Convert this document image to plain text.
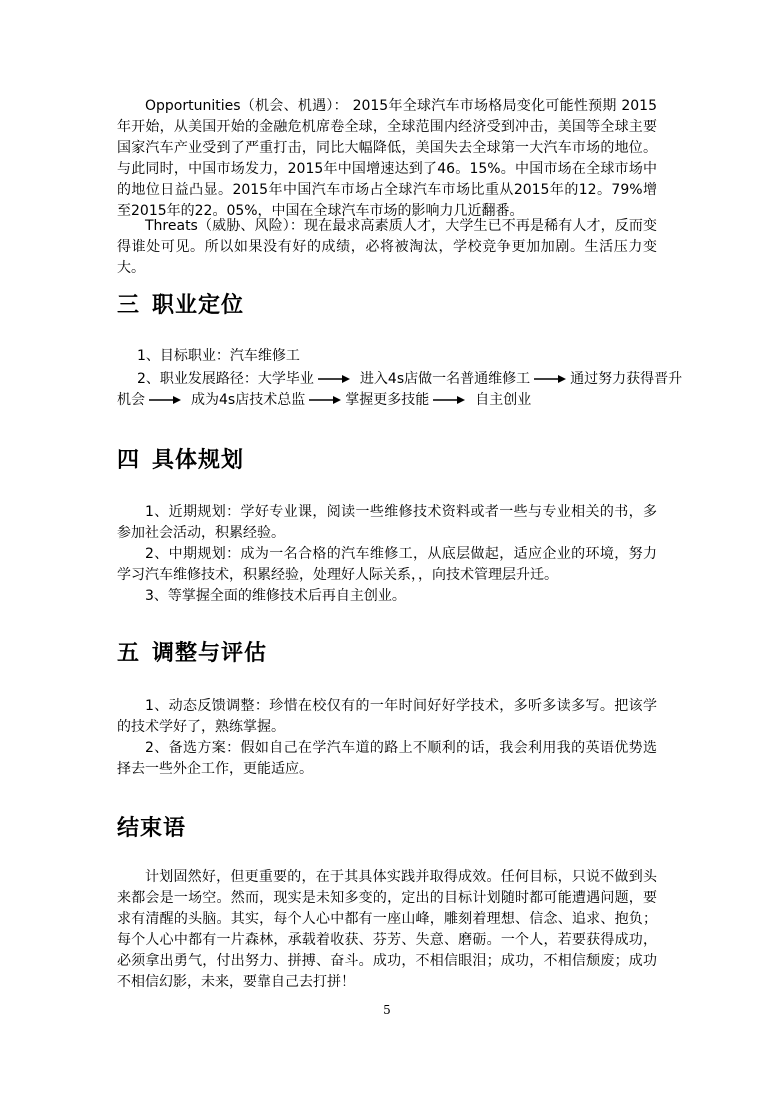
Opportunities（机会、机遇）： 2015年全球汽车市场格局变化可能性预期 2015年开始，从美国开始的金融危机席卷全球，全球范围内经济受到冲击，美国等全球主要国家汽车产业受到了严重打击，同比大幅降低，美国失去全球第一大汽车市场的地位。与此同时，中国市场发力，2015年中国增速达到了46。15%。中国市场在全球市场中的地位日益凸显。2015年中国汽车市场占全球汽车市场比重从2015年的12。79%增至2015年的22。05%，中国在全球汽车市场的影响力几近翻番。

Threats（威胁、风险）：现在最求高素质人才，大学生已不再是稀有人才，反而变得谁处可见。所以如果没有好的成绩，必将被淘汰，学校竞争更加加剧。生活压力变大。

三 职业定位

1、目标职业：汽车维修工

2、职业发展路径：大学毕业	进入4s店做一名普通维修工	通过努力获得晋升

机会	成为4s店技术总监	掌握更多技能	自主创业

四 具体规划

1、近期规划：学好专业课，阅读一些维修技术资料或者一些与专业相关的书，多参加社会活动，积累经验。

2、中期规划：成为一名合格的汽车维修工，从底层做起，适应企业的环境，努力学习汽车维修技术，积累经验，处理好人际关系，，向技术管理层升迁。

3、等掌握全面的维修技术后再自主创业。

五 调整与评估

1、动态反馈调整：珍惜在校仅有的一年时间好好学技术，多听多读多写。把该学的技术学好了，熟练掌握。

2、备选方案：假如自己在学汽车道的路上不顺利的话，我会利用我的英语优势选择去一些外企工作，更能适应。

结束语

计划固然好，但更重要的，在于其具体实践并取得成效。任何目标，只说不做到头来都会是一场空。然而，现实是未知多变的，定出的目标计划随时都可能遭遇问题，要求有清醒的头脑。其实，每个人心中都有一座山峰，雕刻着理想、信念、追求、抱负；每个人心中都有一片森林，承载着收获、芬芳、失意、磨砺。一个人，若要获得成功，必须拿出勇气，付出努力、拼搏、奋斗。成功，不相信眼泪；成功，不相信颓废；成功不相信幻影，未来，要靠自己去打拼！

5
